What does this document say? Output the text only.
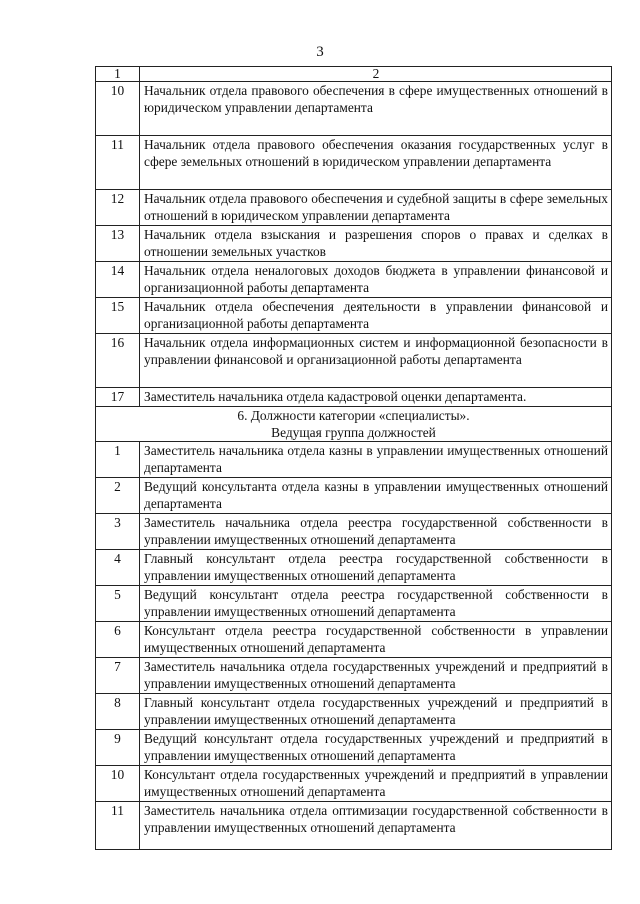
3
1	2
10	Начальник отдела правового обеспечения в сфере имущественных отношений в юридическом управлении департамента
11	Начальник отдела правового обеспечения оказания государственных услуг в сфере земельных отношений в юридическом управлении департамента
12	Начальник отдела правового обеспечения и судебной защиты в сфере земельных отношений в юридическом управлении департамента
13	Начальник отдела взыскания и разрешения споров о правах и сделках в отношении земельных участков
14	Начальник отдела неналоговых доходов бюджета в управлении финансовой и организационной работы департамента
15	Начальник отдела обеспечения деятельности в управлении финансовой и организационной работы департамента
16	Начальник отдела информационных систем и информационной безопасности в управлении финансовой и организационной работы департамента
17	Заместитель начальника отдела кадастровой оценки департамента.

6. Должности категории «специалисты».
Ведущая группа должностей	

1	Заместитель начальника отдела казны в управлении имущественных отношений департамента
2	Ведущий консультанта отдела казны в управлении имущественных отношений департамента
3	Заместитель начальника отдела реестра государственной собственности в управлении имущественных отношений департамента
4	Главный консультант отдела реестра государственной собственности в управлении имущественных отношений департамента
5	Ведущий консультант отдела реестра государственной собственности в управлении имущественных отношений департамента
6	Консультант отдела реестра государственной собственности в управлении имущественных отношений департамента
7	Заместитель начальника отдела государственных учреждений и предприятий в управлении имущественных отношений департамента
8	Главный консультант отдела государственных учреждений и предприятий в управлении имущественных отношений департамента
9	Ведущий консультант отдела государственных учреждений и предприятий в управлении имущественных отношений департамента
10	Консультант отдела государственных учреждений и предприятий в управлении имущественных отношений департамента
11	Заместитель начальника отдела оптимизации государственной собственности в управлении имущественных отношений департамента
